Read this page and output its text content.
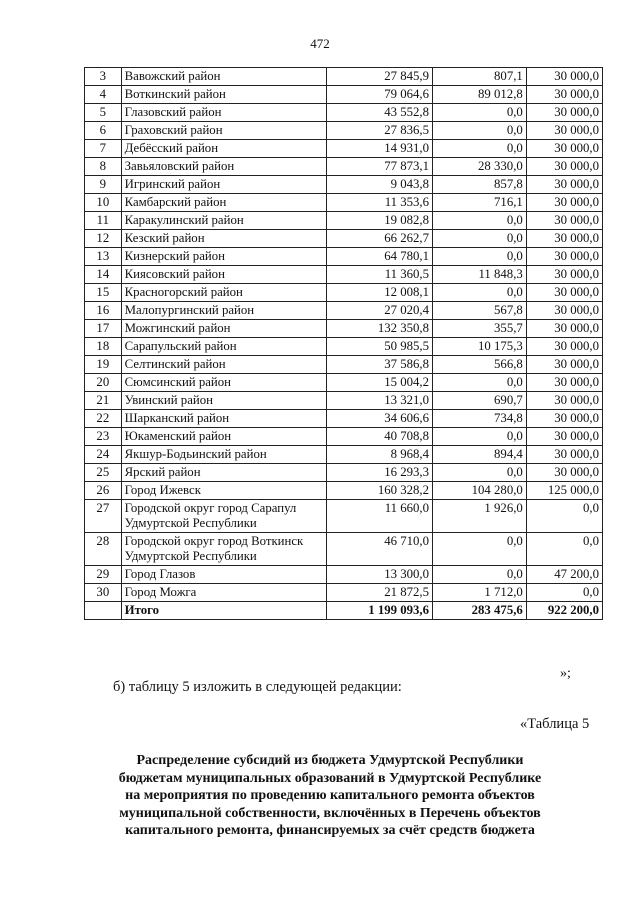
472
3	Вавожский район	27 845,9	807,1	30 000,0
4	Воткинский район	79 064,6	89 012,8	30 000,0
5	Глазовский район	43 552,8	0,0	30 000,0
6	Граховский район	27 836,5	0,0	30 000,0
7	Дебёсский район	14 931,0	0,0	30 000,0
8	Завьяловский район	77 873,1	28 330,0	30 000,0
9	Игринский район	9 043,8	857,8	30 000,0
10	Камбарский район	11 353,6	716,1	30 000,0
11	Каракулинский район	19 082,8	0,0	30 000,0
12	Кезский район	66 262,7	0,0	30 000,0
13	Кизнерский район	64 780,1	0,0	30 000,0
14	Киясовский район	11 360,5	11 848,3	30 000,0
15	Красногорский район	12 008,1	0,0	30 000,0
16	Малопургинский район	27 020,4	567,8	30 000,0
17	Можгинский район	132 350,8	355,7	30 000,0
18	Сарапульский район	50 985,5	10 175,3	30 000,0
19	Селтинский район	37 586,8	566,8	30 000,0
20	Сюмсинский район	15 004,2	0,0	30 000,0
21	Увинский район	13 321,0	690,7	30 000,0
22	Шарканский район	34 606,6	734,8	30 000,0
23	Юкаменский район	40 708,8	0,0	30 000,0
24	Якшур-Бодьинский район	8 968,4	894,4	30 000,0
25	Ярский район	16 293,3	0,0	30 000,0
26	Город Ижевск	160 328,2	104 280,0	125 000,0
27	Городской округ город Сарапул Удмуртской Республики	11 660,0	1 926,0	0,0
28	Городской округ город Воткинск Удмуртской Республики	46 710,0	0,0	0,0
29	Город Глазов	13 300,0	0,0	47 200,0
30	Город Можга	21 872,5	1 712,0	0,0
	Итого	1 199 093,6	283 475,6	922 200,0
»;
б) таблицу 5 изложить в следующей редакции:
«Таблица 5
Распределение субсидий из бюджета Удмуртской Республики
бюджетам муниципальных образований в Удмуртской Республике
на мероприятия по проведению капитального ремонта объектов
муниципальной собственности, включённых в Перечень объектов
капитального ремонта, финансируемых за счёт средств бюджета
